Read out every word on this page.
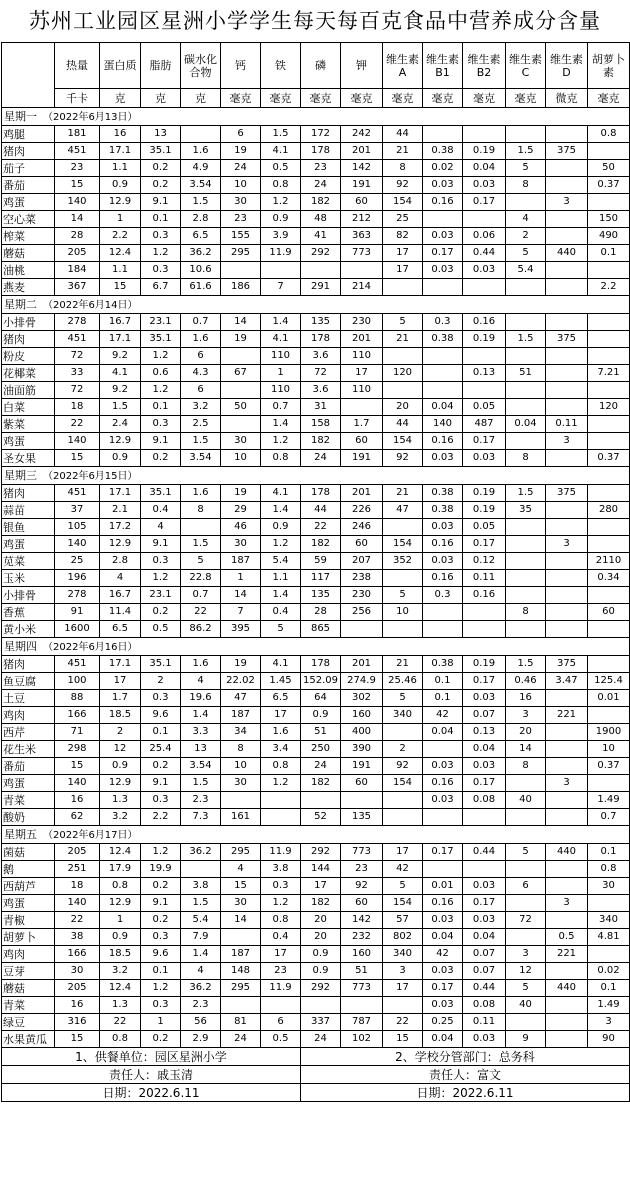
苏州工业园区星洲小学学生每天每百克食品中营养成分含量
	热量	蛋白质	脂肪	碳水化合物	钙	铁	磷	钾	维生素A	维生素B1	维生素B2	维生素C	维生素D	胡萝卜素
	千卡	克	克	克	毫克	毫克	毫克	毫克	毫克	毫克	毫克	毫克	微克	毫克
星期一 （2022年6月13日）														
鸡腿	181	16	13		6	1.5	172	242	44					0.8
猪肉	451	17.1	35.1	1.6	19	4.1	178	201	21	0.38	0.19	1.5	375	
茄子	23	1.1	0.2	4.9	24	0.5	23	142	8	0.02	0.04	5		50
番茄	15	0.9	0.2	3.54	10	0.8	24	191	92	0.03	0.03	8		0.37
鸡蛋	140	12.9	9.1	1.5	30	1.2	182	60	154	0.16	0.17		3	
空心菜	14	1	0.1	2.8	23	0.9	48	212	25			4		150
榨菜	28	2.2	0.3	6.5	155	3.9	41	363	82	0.03	0.06	2		490
蘑菇	205	12.4	1.2	36.2	295	11.9	292	773	17	0.17	0.44	5	440	0.1
油桃	184	1.1	0.3	10.6					17	0.03	0.03	5.4		
燕麦	367	15	6.7	61.6	186	7	291	214						2.2
星期二 （2022年6月14日）														
小排骨	278	16.7	23.1	0.7	14	1.4	135	230	5	0.3	0.16			
猪肉	451	17.1	35.1	1.6	19	4.1	178	201	21	0.38	0.19	1.5	375	
粉皮	72	9.2	1.2	6		110	3.6	110						
花椰菜	33	4.1	0.6	4.3	67	1	72	17	120		0.13	51		7.21
油面筋	72	9.2	1.2	6		110	3.6	110						
白菜	18	1.5	0.1	3.2	50	0.7	31		20	0.04	0.05			120
紫菜	22	2.4	0.3	2.5		1.4	158	1.7	44	140	487	0.04	0.11	
鸡蛋	140	12.9	9.1	1.5	30	1.2	182	60	154	0.16	0.17		3	
圣女果	15	0.9	0.2	3.54	10	0.8	24	191	92	0.03	0.03	8		0.37
星期三 （2022年6月15日）														
猪肉	451	17.1	35.1	1.6	19	4.1	178	201	21	0.38	0.19	1.5	375	
蒜苗	37	2.1	0.4	8	29	1.4	44	226	47	0.38	0.19	35		280
银鱼	105	17.2	4		46	0.9	22	246		0.03	0.05			
鸡蛋	140	12.9	9.1	1.5	30	1.2	182	60	154	0.16	0.17		3	
苋菜	25	2.8	0.3	5	187	5.4	59	207	352	0.03	0.12			2110
玉米	196	4	1.2	22.8	1	1.1	117	238		0.16	0.11			0.34
小排骨	278	16.7	23.1	0.7	14	1.4	135	230	5	0.3	0.16			
香蕉	91	11.4	0.2	22	7	0.4	28	256	10			8		60
黄小米	1600	6.5	0.5	86.2	395	5	865							
星期四 （2022年6月16日）														
猪肉	451	17.1	35.1	1.6	19	4.1	178	201	21	0.38	0.19	1.5	375	
鱼豆腐	100	17	2	4	22.02	1.45	152.09	274.9	25.46	0.1	0.17	0.46	3.47	125.4
土豆	88	1.7	0.3	19.6	47	6.5	64	302	5	0.1	0.03	16		0.01
鸡肉	166	18.5	9.6	1.4	187	17	0.9	160	340	42	0.07	3	221	
西芹	71	2	0.1	3.3	34	1.6	51	400		0.04	0.13	20		1900
花生米	298	12	25.4	13	8	3.4	250	390	2		0.04	14		10
番茄	15	0.9	0.2	3.54	10	0.8	24	191	92	0.03	0.03	8		0.37
鸡蛋	140	12.9	9.1	1.5	30	1.2	182	60	154	0.16	0.17		3	
青菜	16	1.3	0.3	2.3						0.03	0.08	40		1.49
酸奶	62	3.2	2.2	7.3	161		52	135						0.7
星期五 （2022年6月17日）														
菌菇	205	12.4	1.2	36.2	295	11.9	292	773	17	0.17	0.44	5	440	0.1
鹅	251	17.9	19.9		4	3.8	144	23	42					0.8
西葫芦	18	0.8	0.2	3.8	15	0.3	17	92	5	0.01	0.03	6		30
鸡蛋	140	12.9	9.1	1.5	30	1.2	182	60	154	0.16	0.17		3	
青椒	22	1	0.2	5.4	14	0.8	20	142	57	0.03	0.03	72		340
胡萝卜	38	0.9	0.3	7.9		0.4	20	232	802	0.04	0.04		0.5	4.81
鸡肉	166	18.5	9.6	1.4	187	17	0.9	160	340	42	0.07	3	221	
豆芽	30	3.2	0.1	4	148	23	0.9	51	3	0.03	0.07	12		0.02
蘑菇	205	12.4	1.2	36.2	295	11.9	292	773	17	0.17	0.44	5	440	0.1
青菜	16	1.3	0.3	2.3						0.03	0.08	40		1.49
绿豆	316	22	1	56	81	6	337	787	22	0.25	0.11			3
水果黄瓜	15	0.8	0.2	2.9	24	0.5	24	102	15	0.04	0.03	9		90
1、供餐单位：园区星洲小学							2、学校分管部门：总务科							
责任人：戚玉清							责任人：富文							
日期：2022.6.11							日期：2022.6.11							
